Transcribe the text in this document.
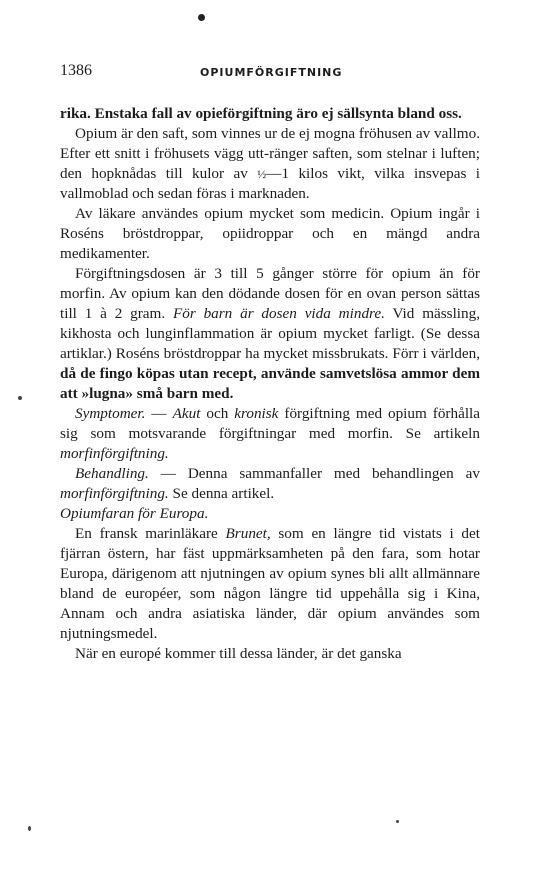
1386	OPIUMFÖRGIFTNING

rika. Enstaka fall av opieförgiftning äro ej sällsynta bland oss.

Opium är den saft, som vinnes ur de ej mogna fröhusen av vallmo. Efter ett snitt i fröhusets vägg utt-ränger saften, som stelnar i luften; den hopknådas till kulor av ½—1 kilos vikt, vilka insvepas i vallmoblad och sedan föras i marknaden.

Av läkare användes opium mycket som medicin. Opium ingår i Roséns bröstdroppar, opiidroppar och en mängd andra medikamenter.

Förgiftningsdosen är 3 till 5 gånger större för opium än för morfin. Av opium kan den dödande dosen för en ovan person sättas till 1 à 2 gram. För barn är dosen vida mindre. Vid mässling, kikhosta och lunginflammation är opium mycket farligt. (Se dessa artiklar.) Roséns bröstdroppar ha mycket missbrukats. Förr i världen, då de fingo köpas utan recept, använde samvetslösa ammor dem att »lugna» små barn med.

Symptomer. — Akut och kronisk förgiftning med opium förhålla sig som motsvarande förgiftningar med morfin. Se artikeln morfinförgiftning.

Behandling. — Denna sammanfaller med behandlingen av morfinförgiftning. Se denna artikel.

Opiumfaran för Europa.

En fransk marinläkare Brunet, som en längre tid vistats i det fjärran östern, har fäst uppmärksamheten på den fara, som hotar Europa, därigenom att njutningen av opium synes bli allt allmännare bland de européer, som någon längre tid uppehålla sig i Kina, Annam och andra asiatiska länder, där opium användes som njutningsmedel.

När en europé kommer till dessa länder, är det ganska
